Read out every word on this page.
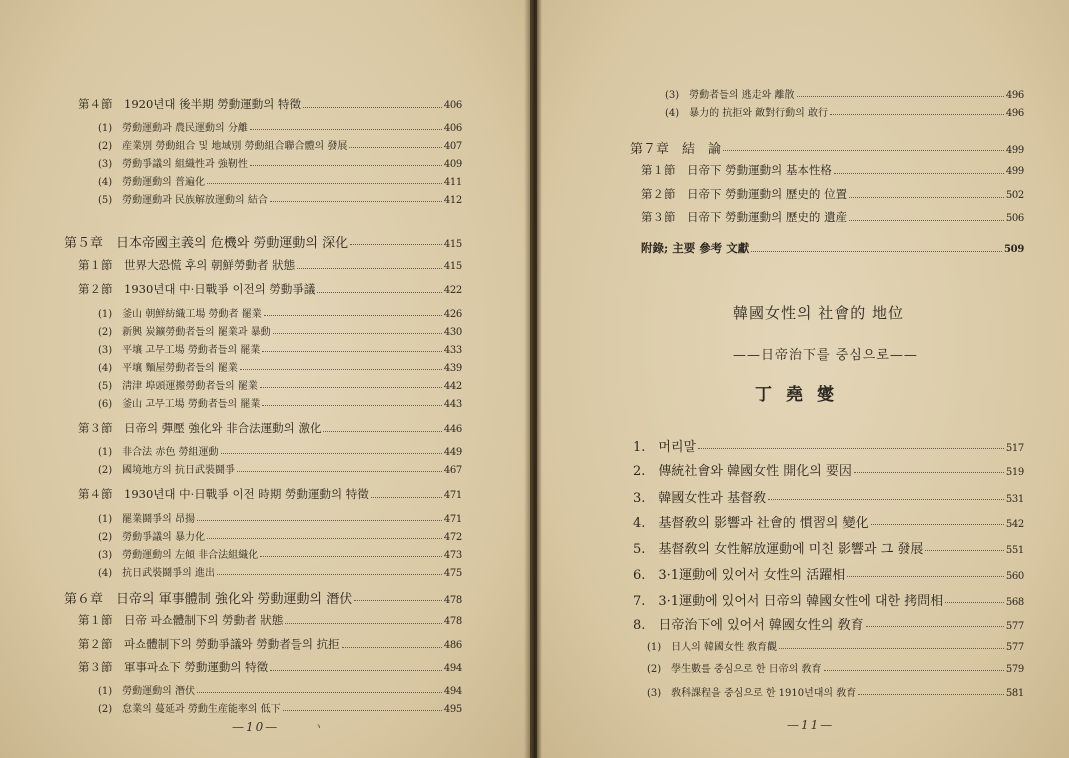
第４節　1920년대 後半期 勞動運動의 特徵	406
(1)　勞動運動과 農民運動의 分離	406
(2)　産業別 勞動組合 및 地域別 勞動組合聯合體의 發展	407
(3)　勞動爭議의 組織性과 強靭性	409
(4)　勞動運動의 普遍化	411
(5)　勞動運動과 民族解放運動의 結合	412
第５章　日本帝國主義의 危機와 勞動運動의 深化	415
第１節　世界大恐慌 후의 朝鮮勞動者 狀態	415
第２節　1930년대 中·日戰爭 이전의 勞動爭議	422
(1)　釜山 朝鮮紡織工場 勞動者 罷業	426
(2)　新興 炭鑛勞動者들의 罷業과 暴動	430
(3)　平壤 고무工場 勞動者들의 罷業	433
(4)　平壤 麵屋勞動者들의 罷業	439
(5)　淸津 埠頭運搬勞動者들의 罷業	442
(6)　釜山 고무工場 勞動者들의 罷業	443
第３節　日帝의 彈壓 強化와 非合法運動의 激化	446
(1)　非合法 赤色 勞組運動	449
(2)　國境地方의 抗日武裝鬪爭	467
第４節　1930년대 中·日戰爭 이전 時期 勞動運動의 特徵	471
(1)　罷業鬪爭의 昂揚	471
(2)　勞動爭議의 暴力化	472
(3)　勞動運動의 左傾 非合法組織化	473
(4)　抗日武裝鬪爭의 進出	475
第６章　日帝의 軍事體制 強化와 勞動運動의 潛伏	478
第１節　日帝 파쇼體制下의 勞動者 狀態	478
第２節　파쇼體制下의 勞動爭議와 勞動者들의 抗拒	486
第３節　軍事파쇼下 勞動運動의 特徵	494
(1)　勞動運動의 潛伏	494
(2)　怠業의 蔓延과 勞動生産能率의 低下	495
—10—	ヽ
(3)　勞動者들의 逃走와 離散	496
(4)　暴力的 抗拒와 敵對行動의 敢行	496
第７章　結　論	499
第１節　日帝下 勞動運動의 基本性格	499
第２節　日帝下 勞動運動의 歷史的 位置	502
第３節　日帝下 勞動運動의 歷史的 遺産	506
附錄; 主要 參考 文獻	509
1.　머리말	517
2.　傳統社會와 韓國女性 開化의 要因	519
3.　韓國女性과 基督敎	531
4.　基督敎의 影響과 社會的 慣習의 變化	542
5.　基督敎의 女性解放運動에 미친 影響과 그 發展	551
6.　3·1運動에 있어서 女性의 活躍相	560
7.　3·1運動에 있어서 日帝의 韓國女性에 대한 拷問相	568
8.　日帝治下에 있어서 韓國女性의 敎育	577
(1)　日人의 韓國女性 敎育觀	577
(2)　學生數를 중심으로 한 日帝의 敎育	579
(3)　敎科課程을 중심으로 한 1910년대의 敎育	581
韓國女性의 社會的 地位
——日帝治下를 중심으로——
丁堯燮
—11—
